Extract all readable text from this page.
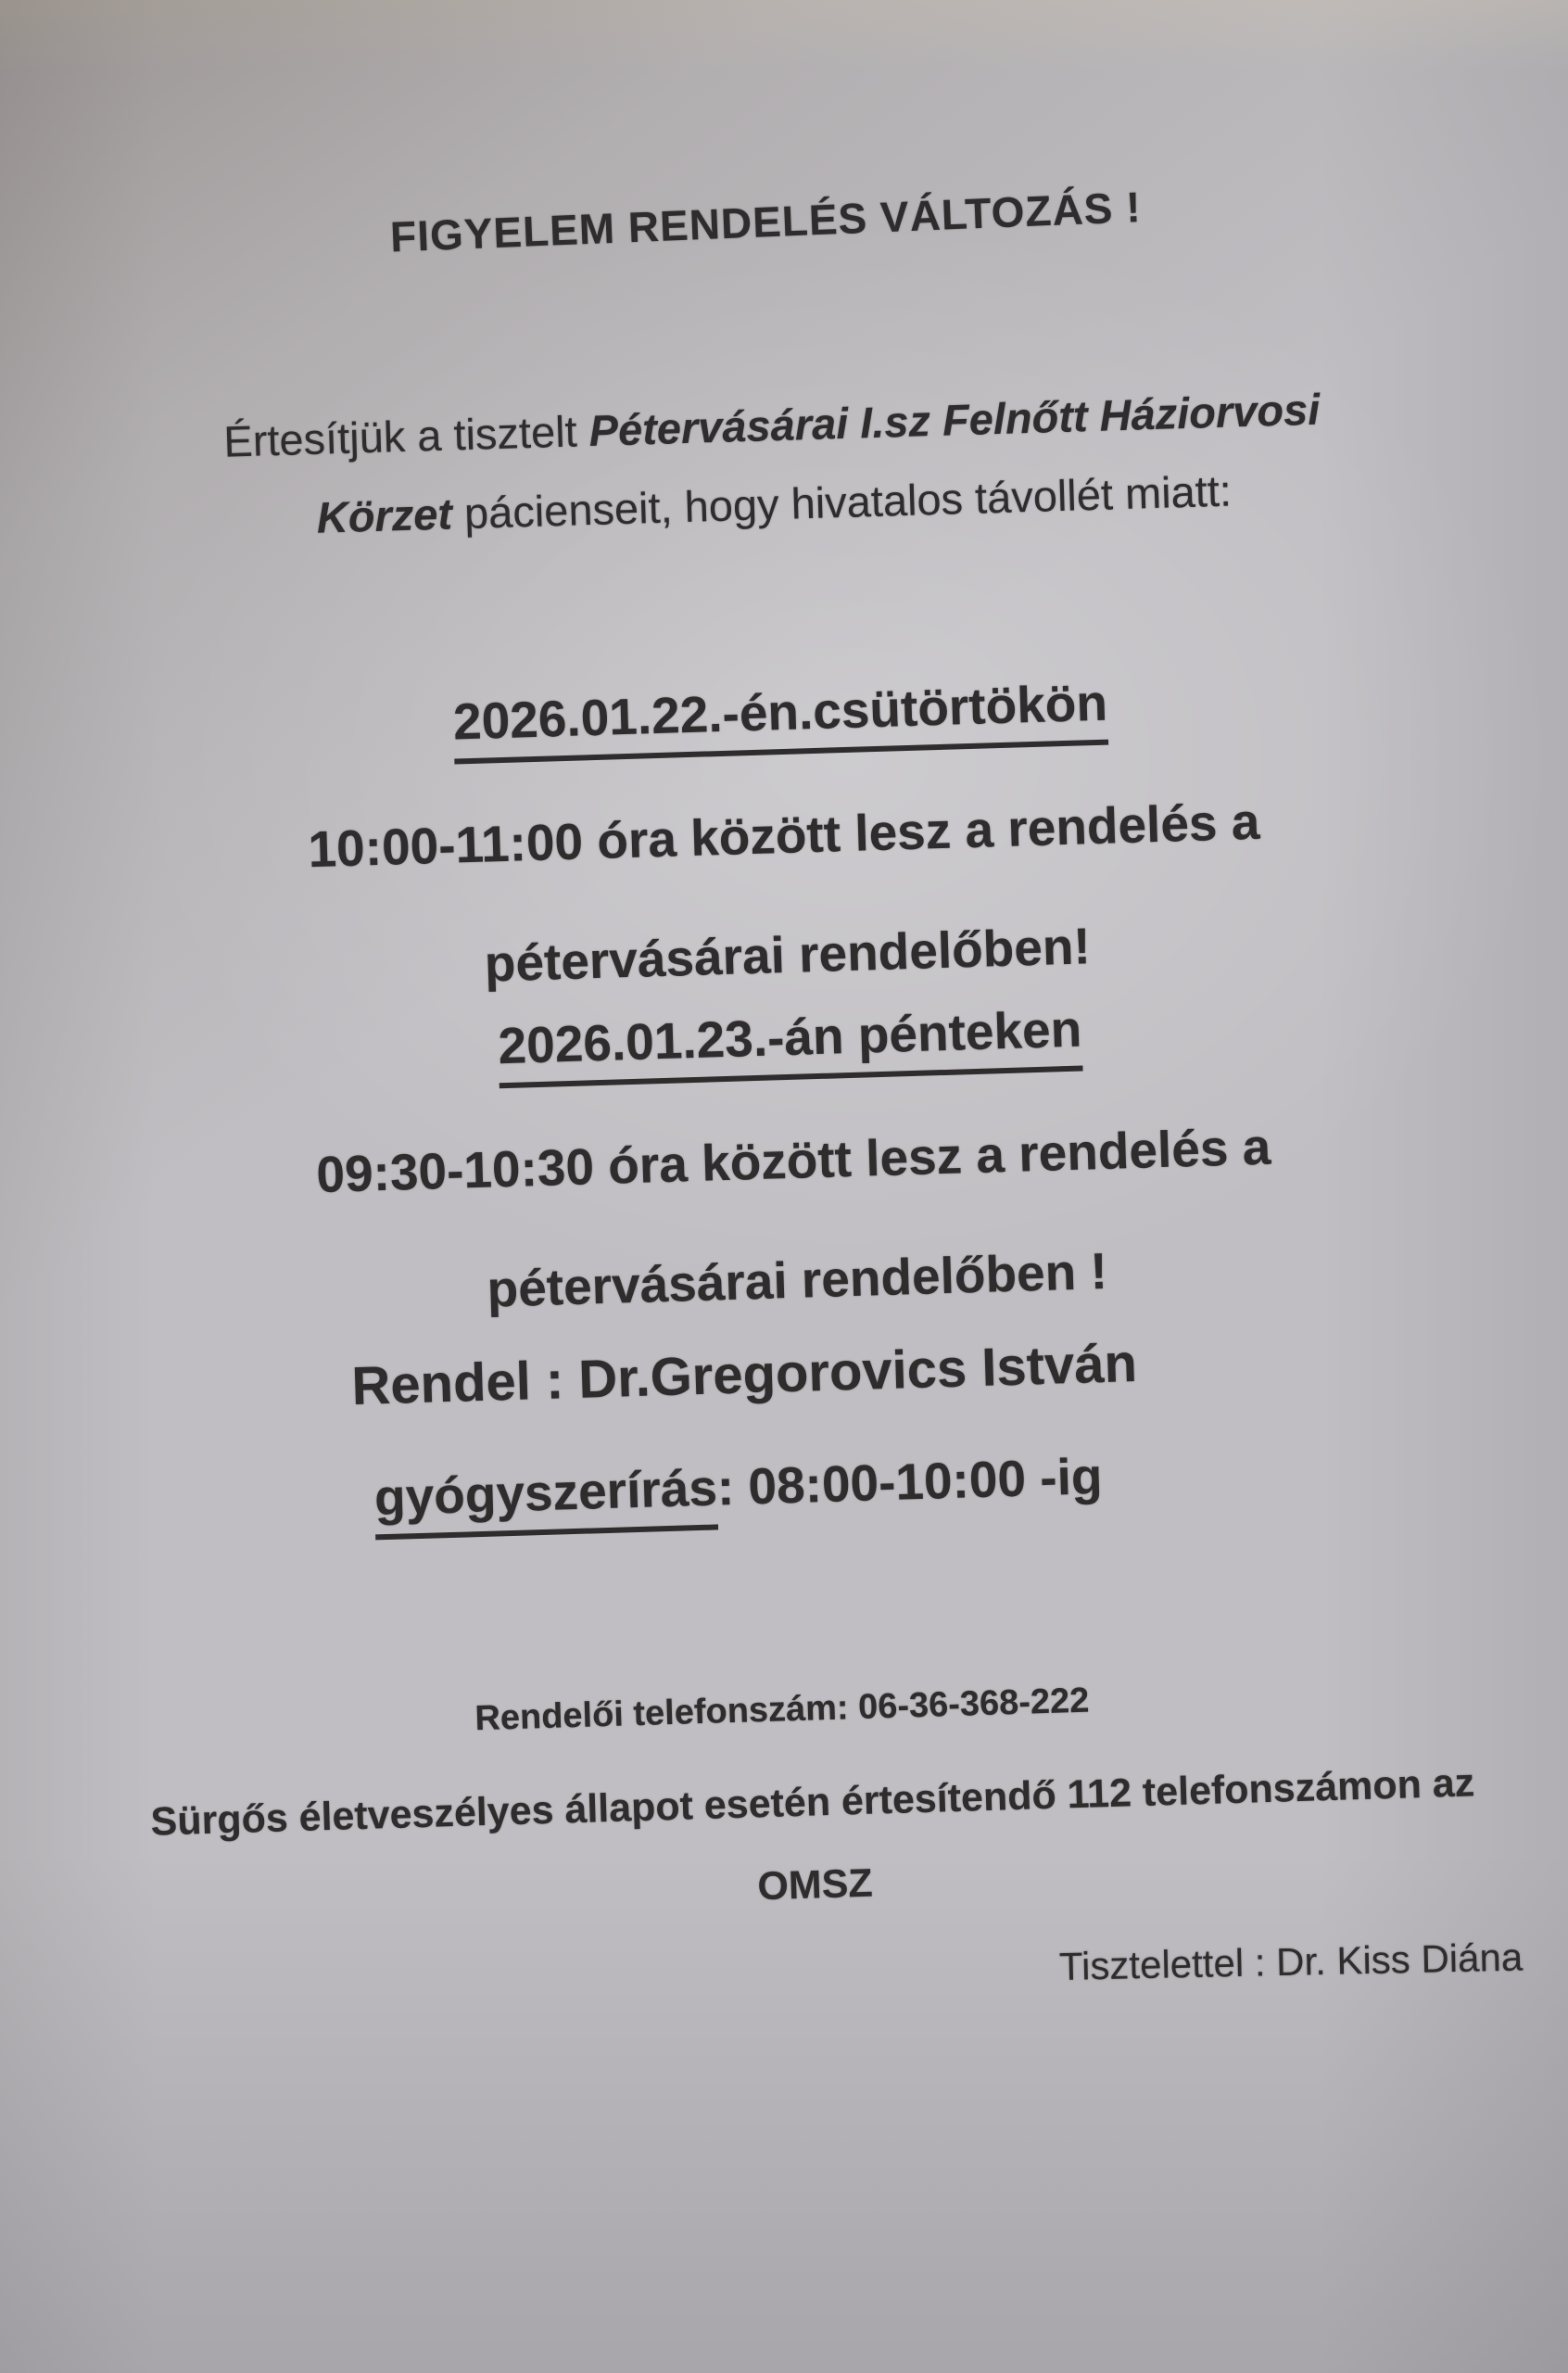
FIGYELEM RENDELÉS VÁLTOZÁS !

Értesítjük a tisztelt Pétervásárai I.sz Felnőtt Háziorvosi
Körzet pácienseit, hogy hivatalos távollét miatt:

2026.01.22.-én.csütörtökön

10:00-11:00 óra között lesz a rendelés a

pétervásárai rendelőben!

2026.01.23.-án pénteken

09:30-10:30 óra között lesz a rendelés a

pétervásárai rendelőben !

Rendel : Dr.Gregorovics István

gyógyszerírás: 08:00-10:00 -ig

Rendelői telefonszám: 06-36-368-222

Sürgős életveszélyes állapot esetén értesítendő 112 telefonszámon az

OMSZ

Tisztelettel : Dr. Kiss Diána
